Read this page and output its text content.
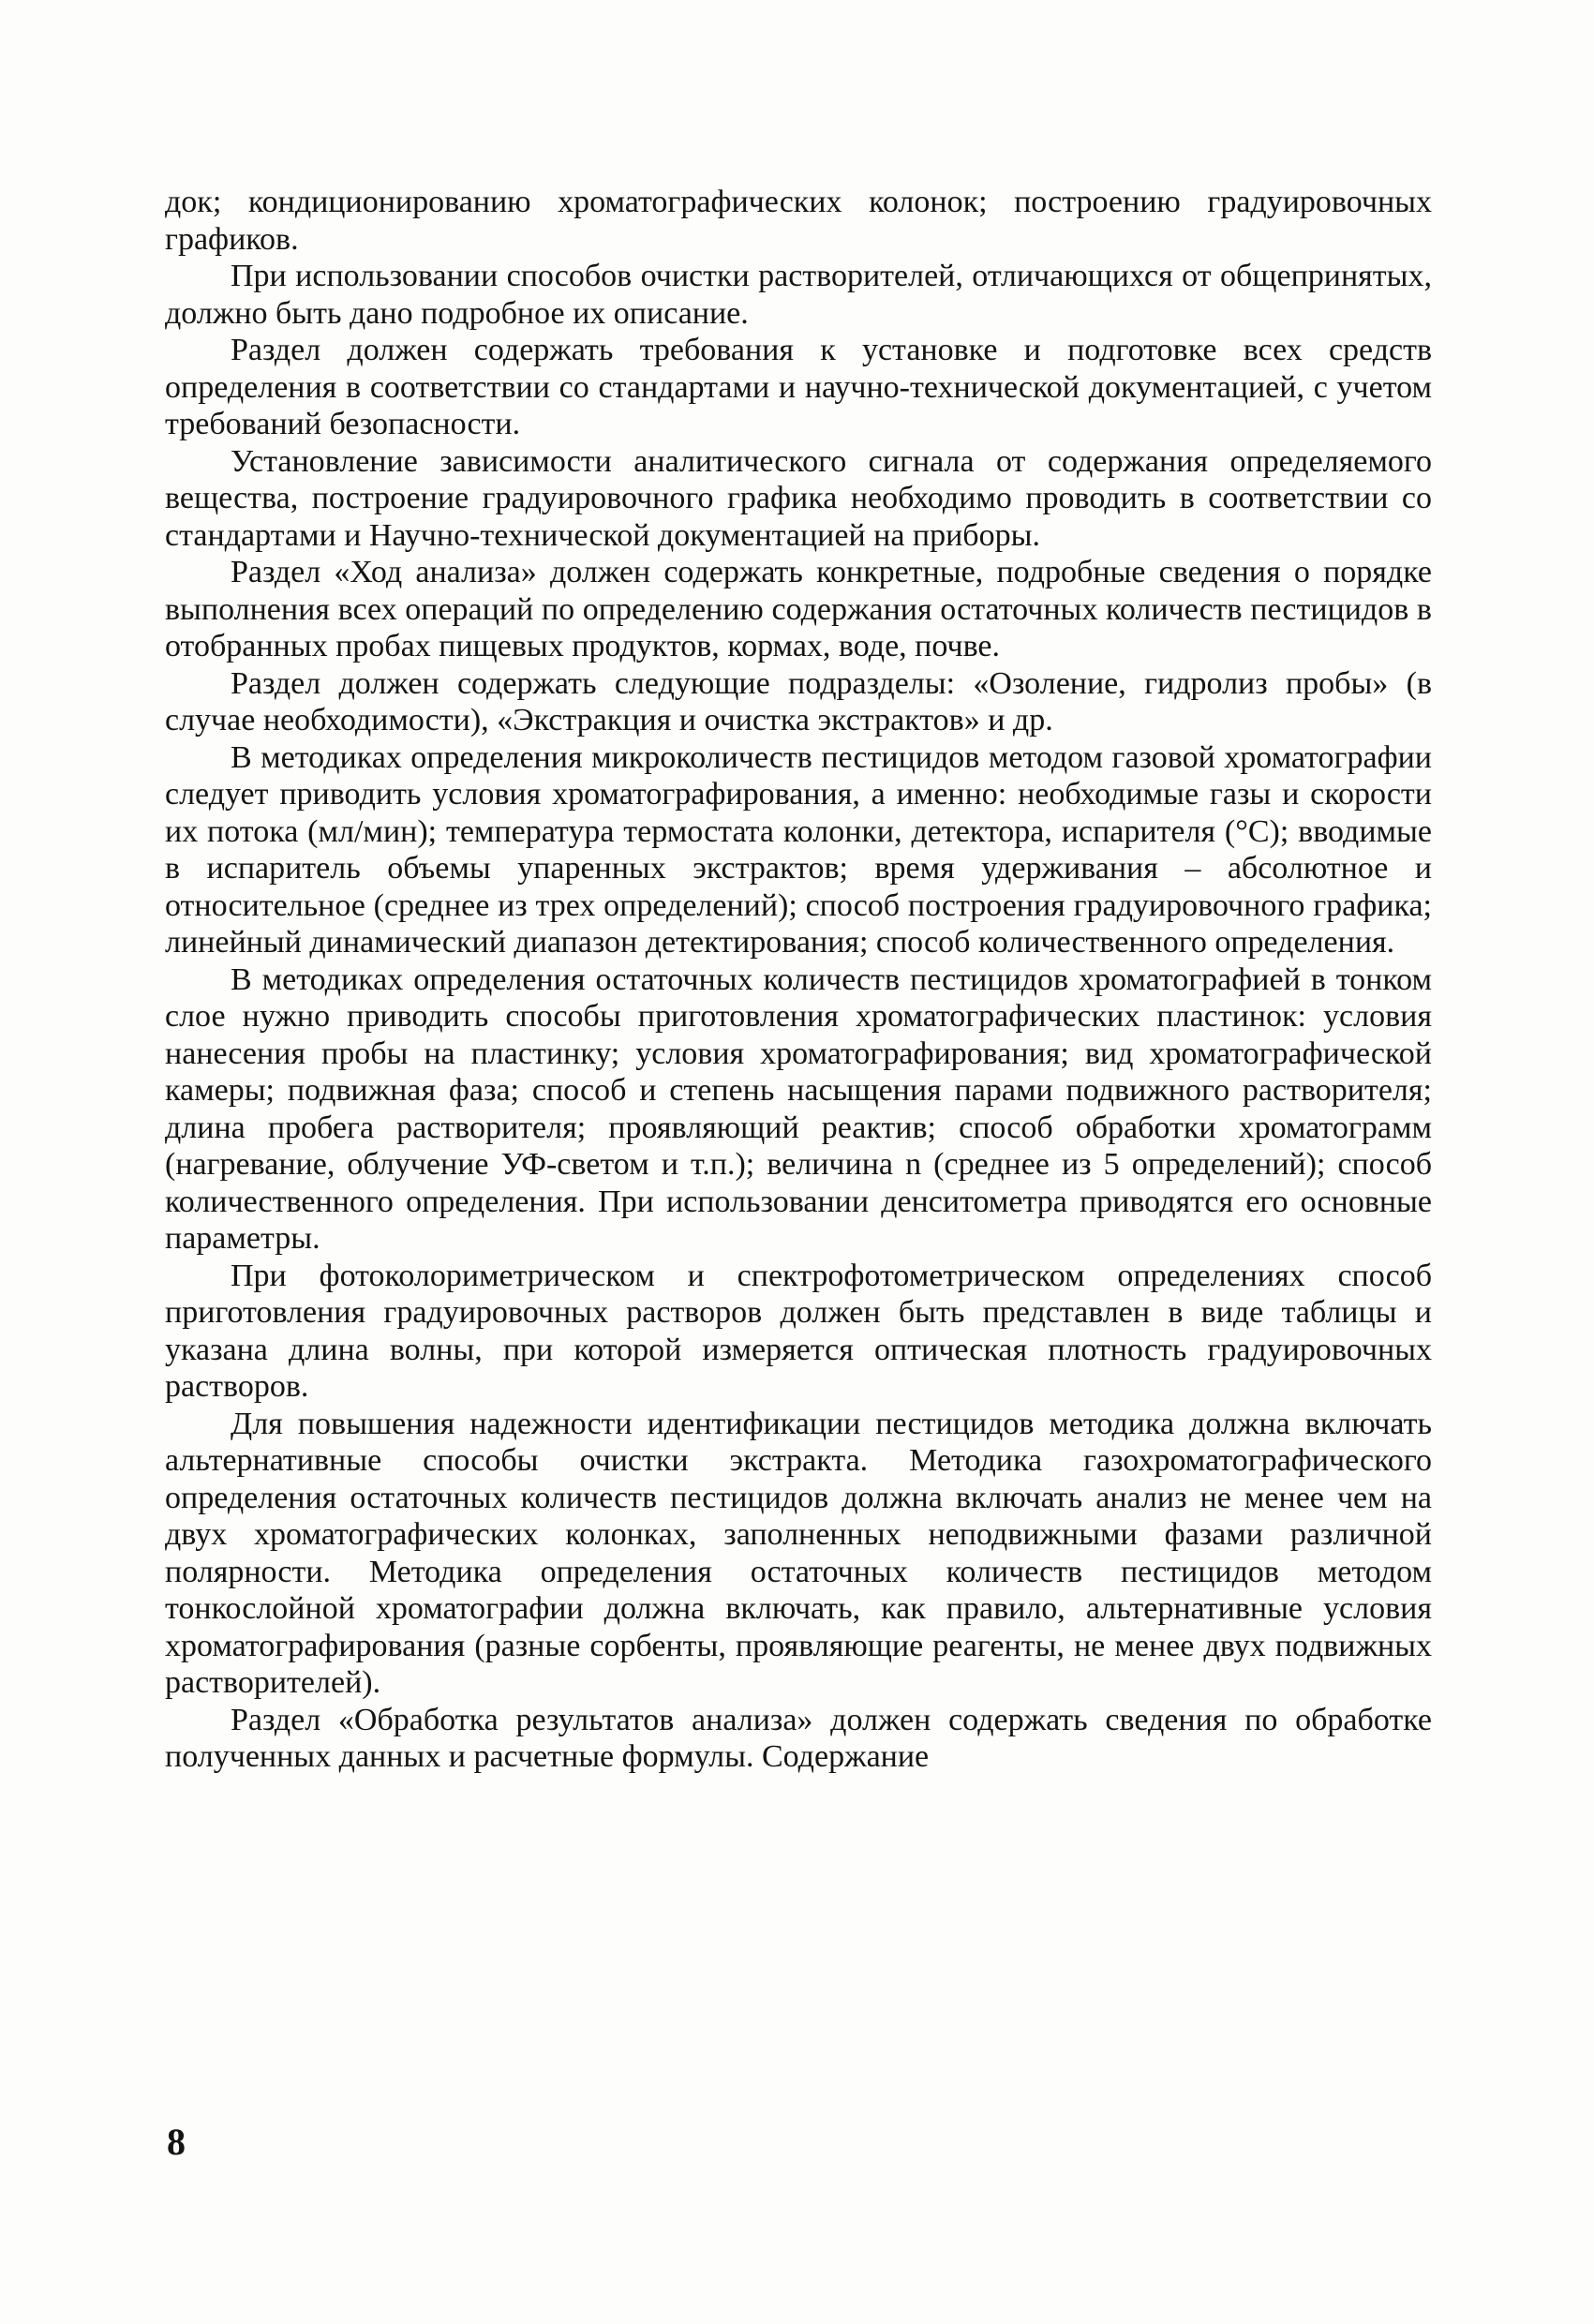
док; кондиционированию хроматографических колонок; построению градуировочных графиков.

При использовании способов очистки растворителей, отличающихся от общепринятых, должно быть дано подробное их описание.

Раздел должен содержать требования к установке и подготовке всех средств определения в соответствии со стандартами и научно-технической документацией, с учетом требований безопасности.

Установление зависимости аналитического сигнала от содержания определяемого вещества, построение градуировочного графика необходимо проводить в соответствии со стандартами и Научно-технической документацией на приборы.

Раздел «Ход анализа» должен содержать конкретные, подробные сведения о порядке выполнения всех операций по определению содержания остаточных количеств пестицидов в отобранных пробах пищевых продуктов, кормах, воде, почве.

Раздел должен содержать следующие подразделы: «Озоление, гидролиз пробы» (в случае необходимости), «Экстракция и очистка экстрактов» и др.

В методиках определения микроколичеств пестицидов методом газовой хроматографии следует приводить условия хроматографирования, а именно: необходимые газы и скорости их потока (мл/мин); температура термостата колонки, детектора, испарителя (°С); вводимые в испаритель объемы упаренных экстрактов; время удерживания – абсолютное и относительное (среднее из трех определений); способ построения градуировочного графика; линейный динамический диапазон детектирования; способ количественного определения.

В методиках определения остаточных количеств пестицидов хроматографией в тонком слое нужно приводить способы приготовления хроматографических пластинок: условия нанесения пробы на пластинку; условия хроматографирования; вид хроматографической камеры; подвижная фаза; способ и степень насыщения парами подвижного растворителя; длина пробега растворителя; проявляющий реактив; способ обработки хроматограмм (нагревание, облучение УФ-светом и т.п.); величина n (среднее из 5 определений); способ количественного определения. При использовании денситометра приводятся его основные параметры.

При фотоколориметрическом и спектрофотометрическом определениях способ приготовления градуировочных растворов должен быть представлен в виде таблицы и указана длина волны, при которой измеряется оптическая плотность градуировочных растворов.

Для повышения надежности идентификации пестицидов методика должна включать альтернативные способы очистки экстракта. Методика газохроматографического определения остаточных количеств пестицидов должна включать анализ не менее чем на двух хроматографических колонках, заполненных неподвижными фазами различной полярности. Методика определения остаточных количеств пестицидов методом тонкослойной хроматографии должна включать, как правило, альтернативные условия хроматографирования (разные сорбенты, проявляющие реагенты, не менее двух подвижных растворителей).

Раздел «Обработка результатов анализа» должен содержать сведения по обработке полученных данных и расчетные формулы. Содержание

8
